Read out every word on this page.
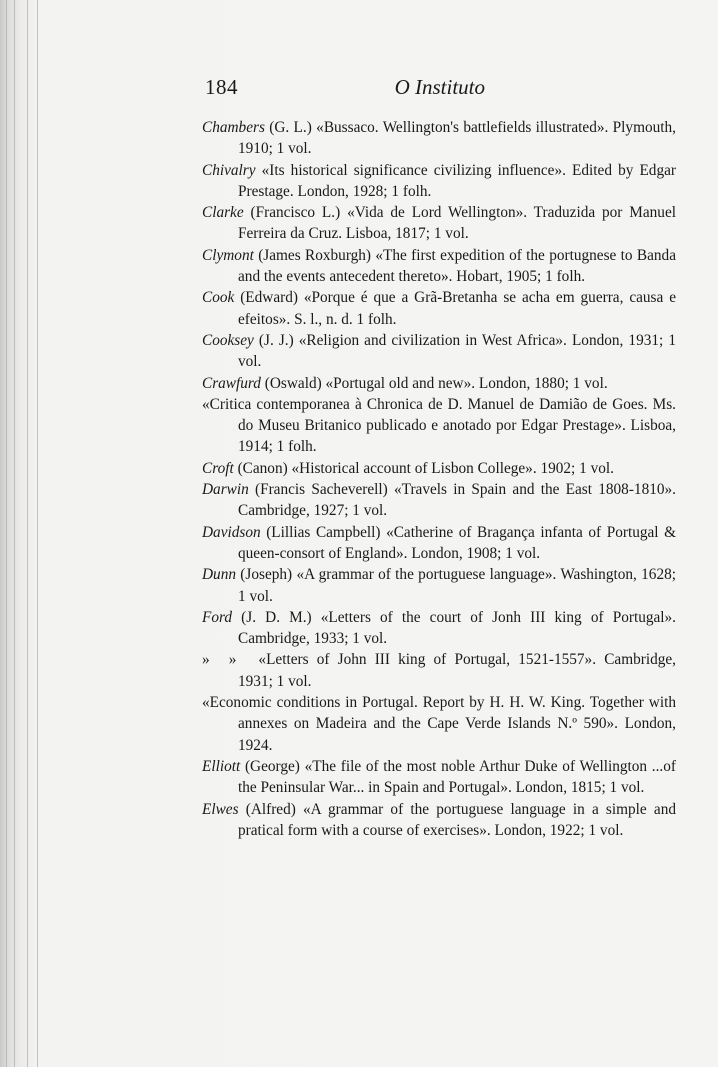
184	O Instituto

Chambers (G. L.) «Bussaco. Wellington's battlefields illustrated». Plymouth, 1910; 1 vol.

Chivalry «Its historical significance civilizing influence». Edited by Edgar Prestage. London, 1928; 1 folh.

Clarke (Francisco L.) «Vida de Lord Wellington». Traduzida por Manuel Ferreira da Cruz. Lisboa, 1817; 1 vol.

Clymont (James Roxburgh) «The first expedition of the portugnese to Banda and the events antecedent thereto». Hobart, 1905; 1 folh.

Cook (Edward) «Porque é que a Grã-Bretanha se acha em guerra, causa e efeitos». S. l., n. d. 1 folh.

Cooksey (J. J.) «Religion and civilization in West Africa». London, 1931; 1 vol.

Crawfurd (Oswald) «Portugal old and new». London, 1880; 1 vol.

«Critica contemporanea à Chronica de D. Manuel de Damião de Goes. Ms. do Museu Britanico publicado e anotado por Edgar Prestage». Lisboa, 1914; 1 folh.

Croft (Canon) «Historical account of Lisbon College». 1902; 1 vol.

Darwin (Francis Sacheverell) «Travels in Spain and the East 1808-1810». Cambridge, 1927; 1 vol.

Davidson (Lillias Campbell) «Catherine of Bragança infanta of Portugal & queen-consort of England». London, 1908; 1 vol.

Dunn (Joseph) «A grammar of the portuguese language». Washington, 1628; 1 vol.

Ford (J. D. M.) «Letters of the court of Jonh III king of Portugal». Cambridge, 1933; 1 vol.

»     » «Letters of John III king of Portugal, 1521-1557». Cambridge, 1931; 1 vol.

«Economic conditions in Portugal. Report by H. H. W. King. Together with annexes on Madeira and the Cape Verde Islands N.º 590». London, 1924.

Elliott (George) «The file of the most noble Arthur Duke of Wellington ...of the Peninsular War... in Spain and Portugal». London, 1815; 1 vol.

Elwes (Alfred) «A grammar of the portuguese language in a simple and pratical form with a course of exercises». London, 1922; 1 vol.
